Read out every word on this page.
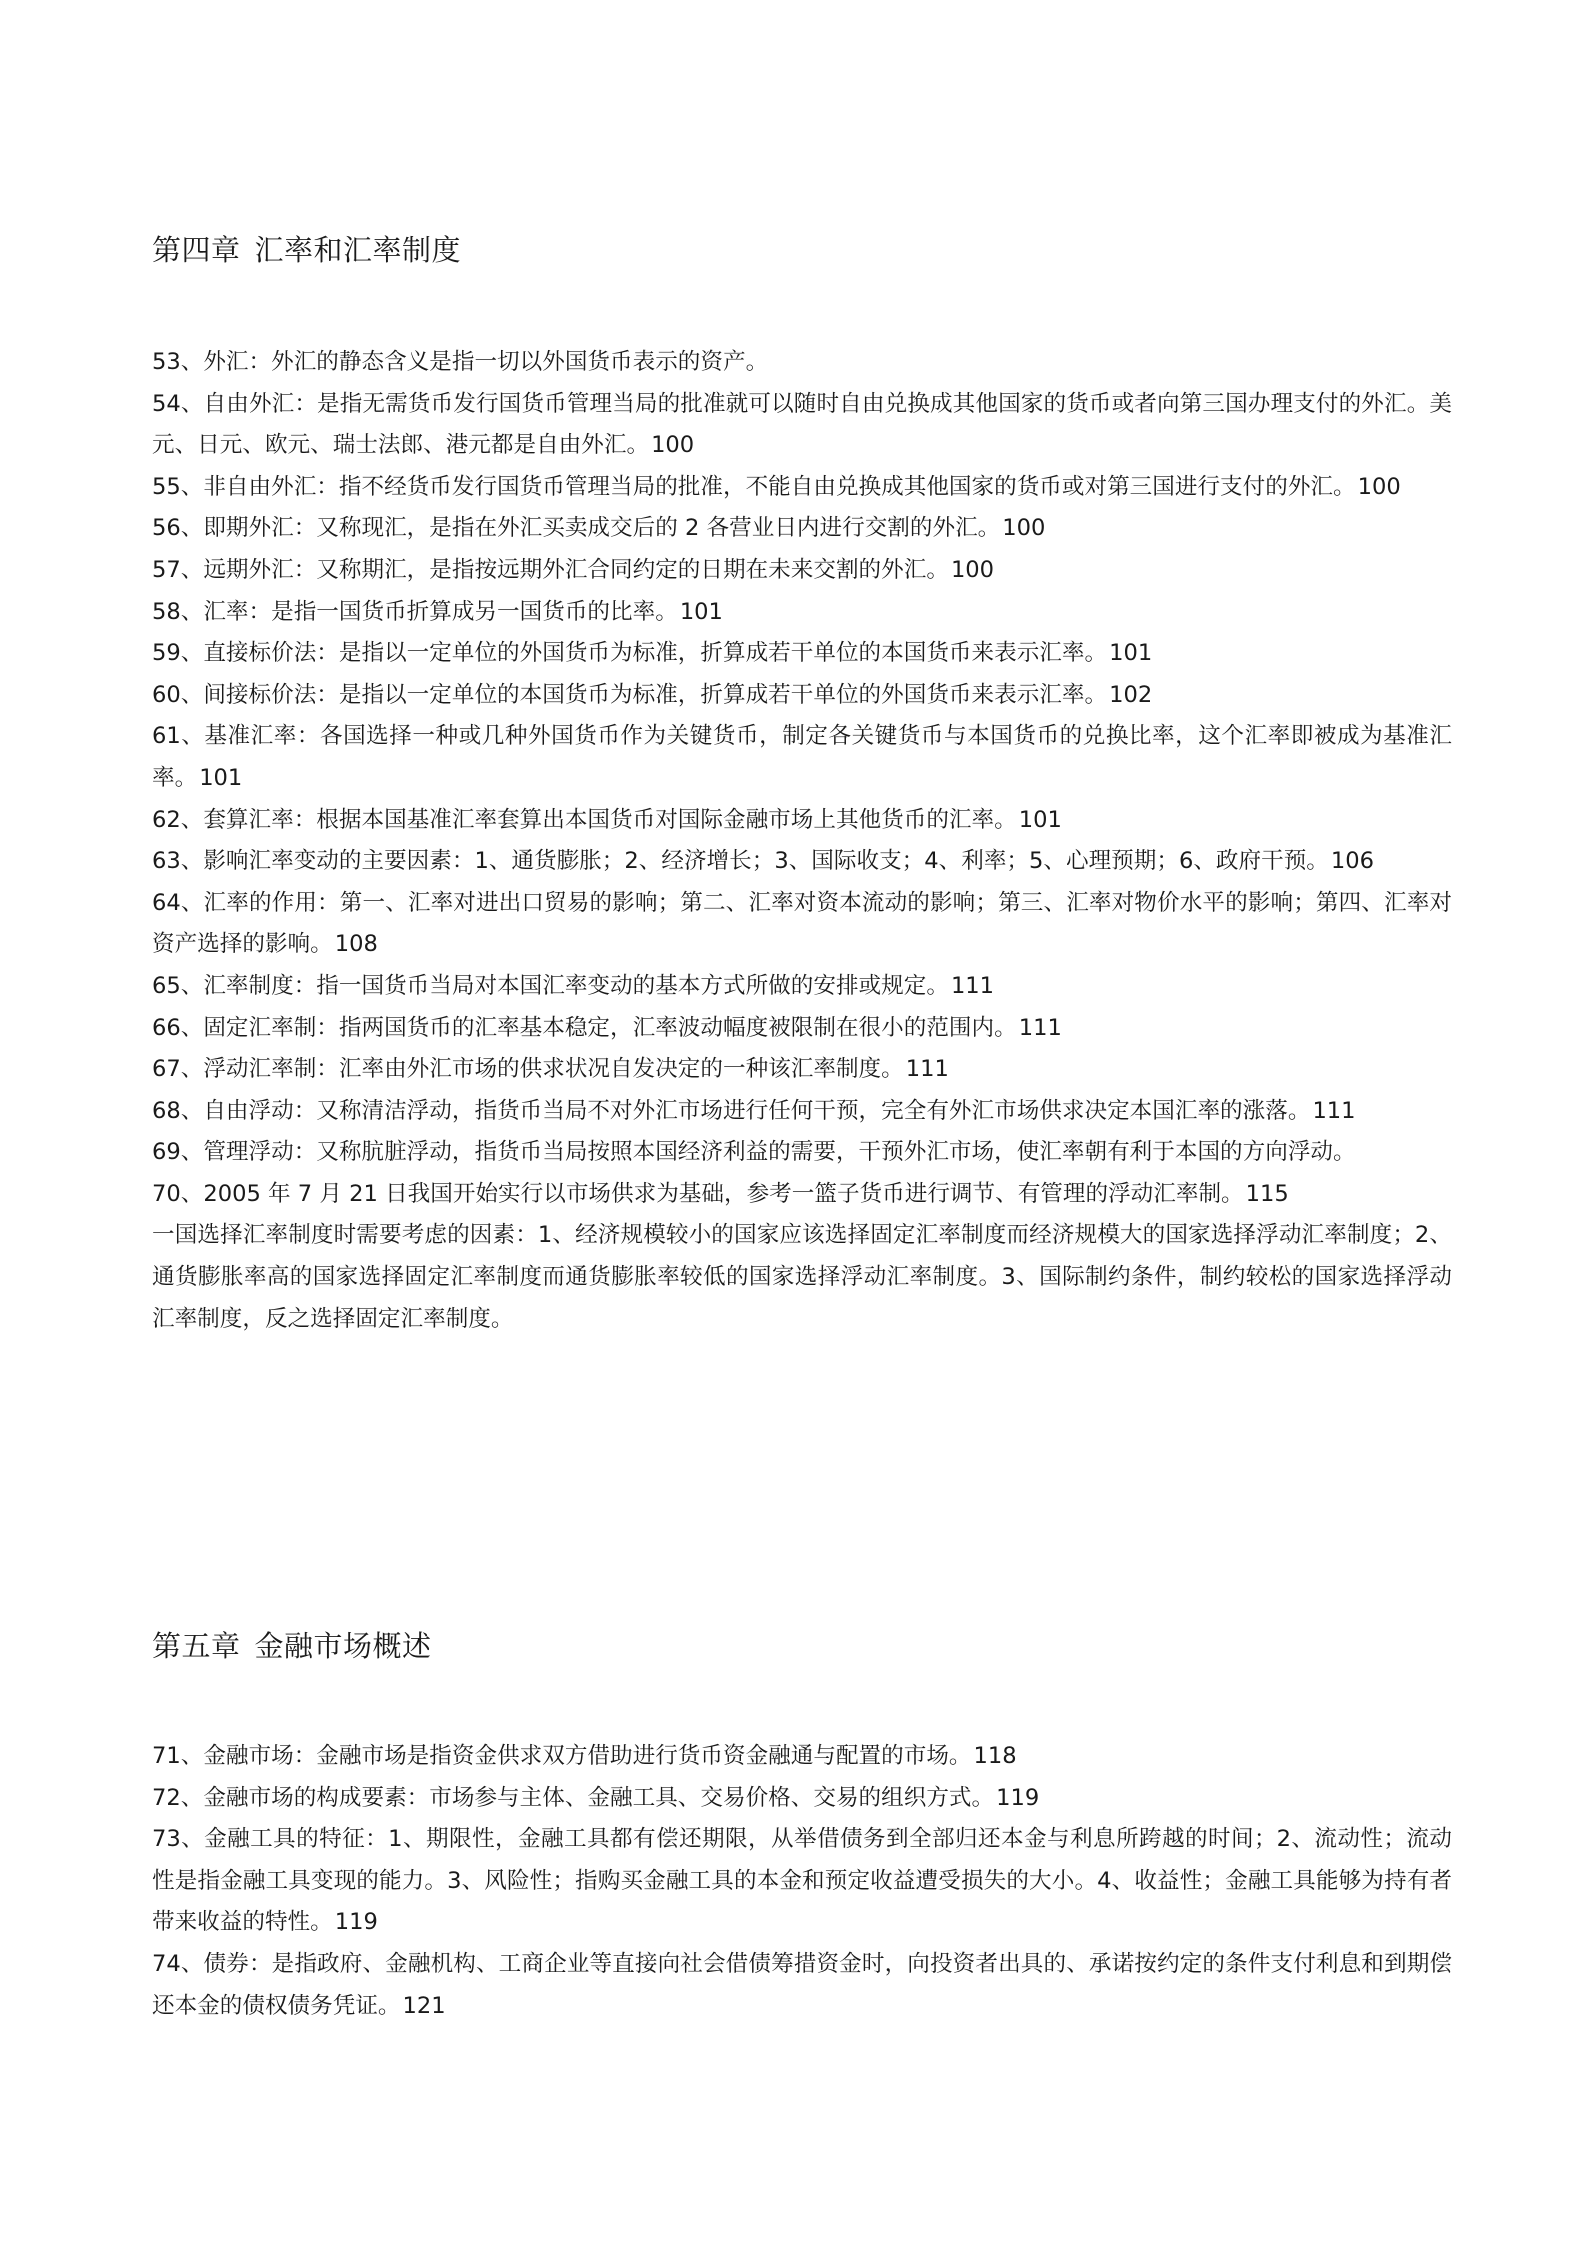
第四章 汇率和汇率制度

53、外汇：外汇的静态含义是指一切以外国货币表示的资产。

54、自由外汇：是指无需货币发行国货币管理当局的批准就可以随时自由兑换成其他国家的货币或者向第三国办理支付的外汇。美元、日元、欧元、瑞士法郎、港元都是自由外汇。100

55、非自由外汇：指不经货币发行国货币管理当局的批准，不能自由兑换成其他国家的货币或对第三国进行支付的外汇。100

56、即期外汇：又称现汇，是指在外汇买卖成交后的 2 各营业日内进行交割的外汇。100

57、远期外汇：又称期汇，是指按远期外汇合同约定的日期在未来交割的外汇。100

58、汇率：是指一国货币折算成另一国货币的比率。101

59、直接标价法：是指以一定单位的外国货币为标准，折算成若干单位的本国货币来表示汇率。101

60、间接标价法：是指以一定单位的本国货币为标准，折算成若干单位的外国货币来表示汇率。102

61、基准汇率：各国选择一种或几种外国货币作为关键货币，制定各关键货币与本国货币的兑换比率，这个汇率即被成为基准汇率。101

62、套算汇率：根据本国基准汇率套算出本国货币对国际金融市场上其他货币的汇率。101

63、影响汇率变动的主要因素：1、通货膨胀；2、经济增长；3、国际收支；4、利率；5、心理预期；6、政府干预。106

64、汇率的作用：第一、汇率对进出口贸易的影响；第二、汇率对资本流动的影响；第三、汇率对物价水平的影响；第四、汇率对资产选择的影响。108

65、汇率制度：指一国货币当局对本国汇率变动的基本方式所做的安排或规定。111

66、固定汇率制：指两国货币的汇率基本稳定，汇率波动幅度被限制在很小的范围内。111

67、浮动汇率制：汇率由外汇市场的供求状况自发决定的一种该汇率制度。111

68、自由浮动：又称清洁浮动，指货币当局不对外汇市场进行任何干预，完全有外汇市场供求决定本国汇率的涨落。111

69、管理浮动：又称肮脏浮动，指货币当局按照本国经济利益的需要，干预外汇市场，使汇率朝有利于本国的方向浮动。

70、2005 年 7 月 21 日我国开始实行以市场供求为基础，参考一篮子货币进行调节、有管理的浮动汇率制。115

一国选择汇率制度时需要考虑的因素：1、经济规模较小的国家应该选择固定汇率制度而经济规模大的国家选择浮动汇率制度；2、通货膨胀率高的国家选择固定汇率制度而通货膨胀率较低的国家选择浮动汇率制度。3、国际制约条件，制约较松的国家选择浮动汇率制度，反之选择固定汇率制度。

第五章 金融市场概述

71、金融市场：金融市场是指资金供求双方借助进行货币资金融通与配置的市场。118

72、金融市场的构成要素：市场参与主体、金融工具、交易价格、交易的组织方式。119

73、金融工具的特征：1、期限性，金融工具都有偿还期限，从举借债务到全部归还本金与利息所跨越的时间；2、流动性；流动性是指金融工具变现的能力。3、风险性；指购买金融工具的本金和预定收益遭受损失的大小。4、收益性；金融工具能够为持有者带来收益的特性。119

74、债券：是指政府、金融机构、工商企业等直接向社会借债筹措资金时，向投资者出具的、承诺按约定的条件支付利息和到期偿还本金的债权债务凭证。121
